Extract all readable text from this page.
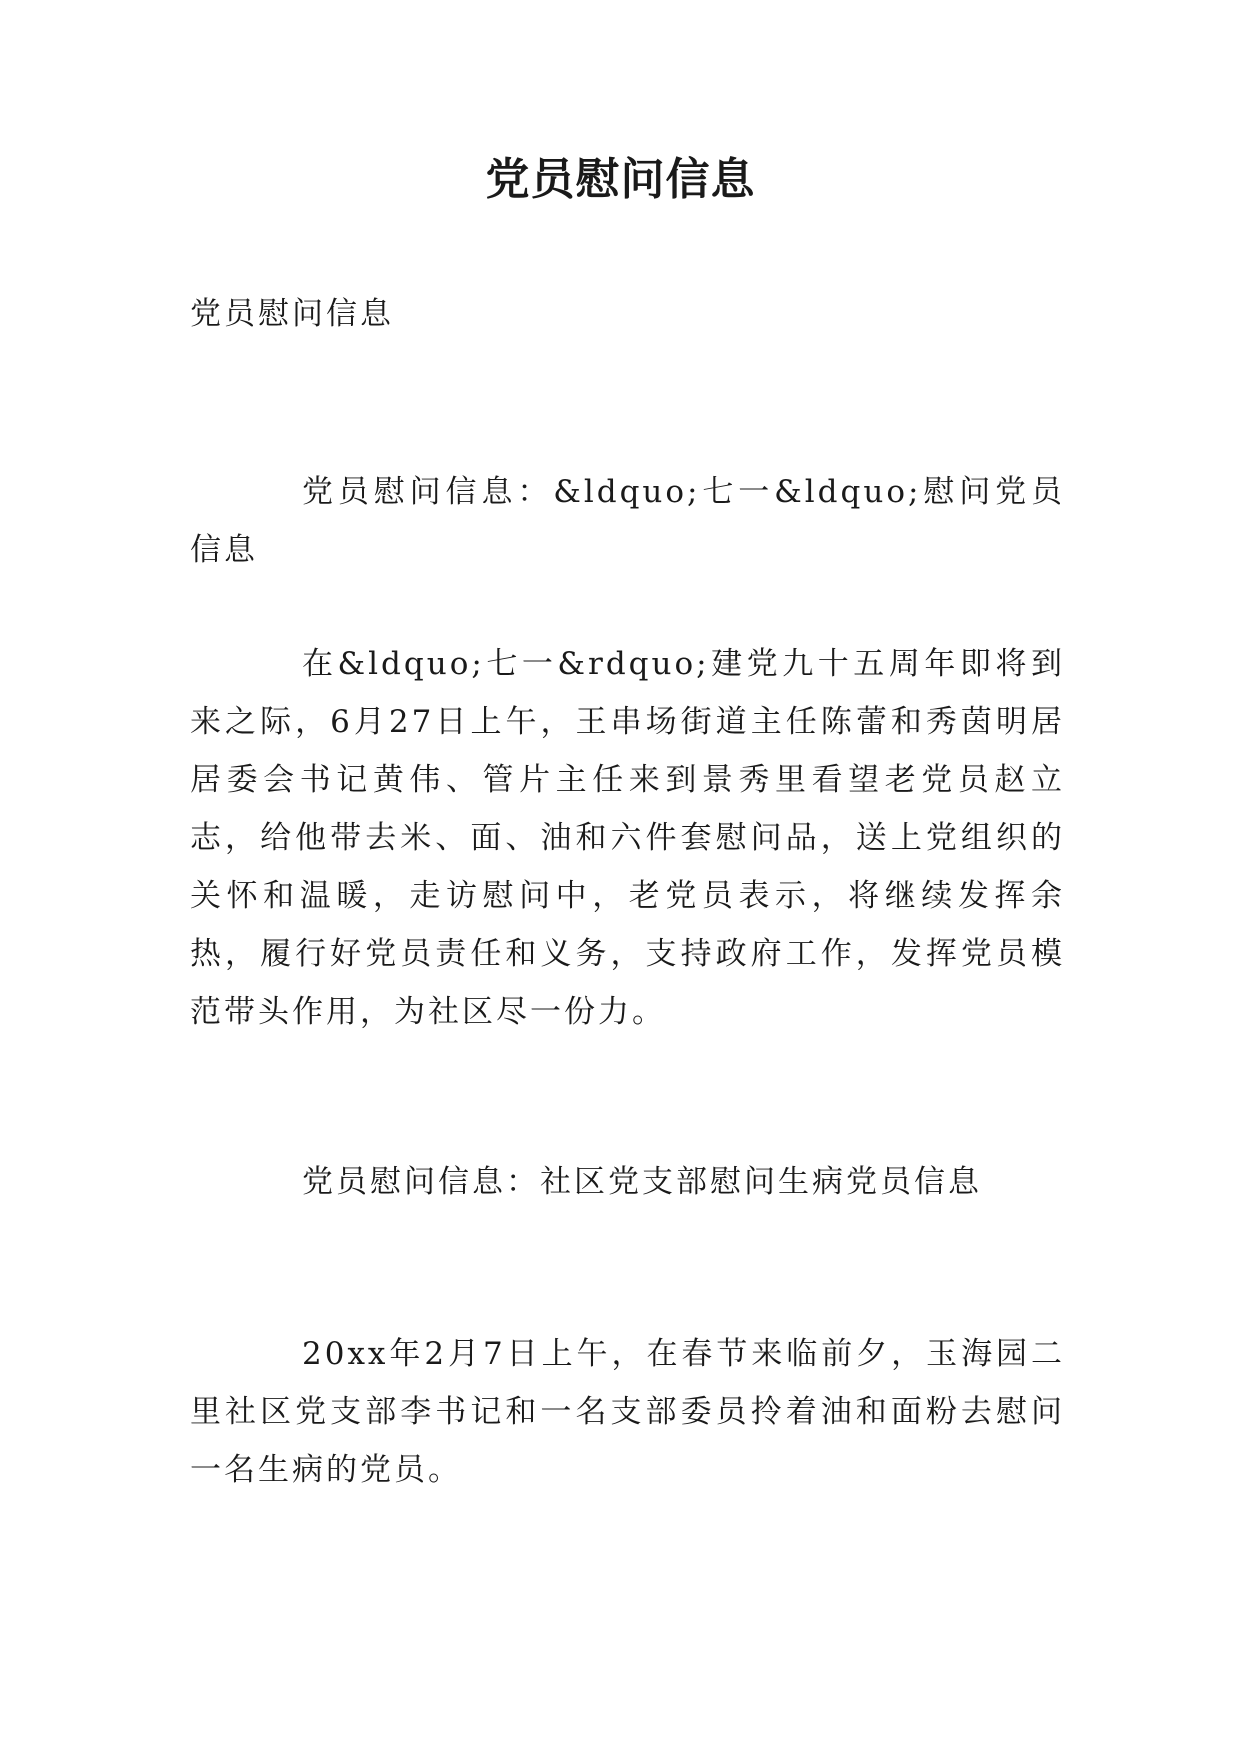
党员慰问信息

党员慰问信息

党员慰问信息：&ldquo;七一&ldquo;慰问党员信息

在&ldquo;七一&rdquo;建党九十五周年即将到来之际，6月27日上午，王串场街道主任陈蕾和秀茵明居居委会书记黄伟、管片主任来到景秀里看望老党员赵立志，给他带去米、面、油和六件套慰问品，送上党组织的关怀和温暖，走访慰问中，老党员表示，将继续发挥余热，履行好党员责任和义务，支持政府工作，发挥党员模范带头作用，为社区尽一份力。

党员慰问信息：社区党支部慰问生病党员信息

20xx年2月7日上午，在春节来临前夕，玉海园二里社区党支部李书记和一名支部委员拎着油和面粉去慰问一名生病的党员。
